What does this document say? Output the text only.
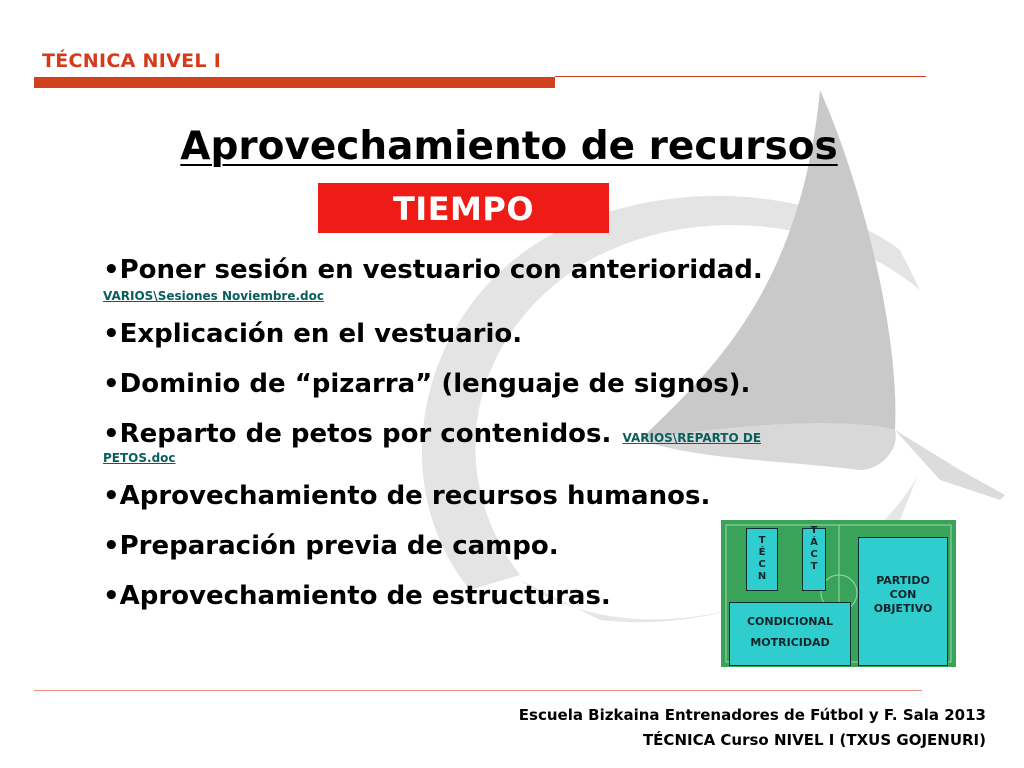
TÉCNICA NIVEL I
Aprovechamiento de recursos
TIEMPO
•Poner sesión en vestuario con anterioridad.
VARIOS\Sesiones Noviembre.doc
•Explicación en el vestuario.
•Dominio de “pizarra” (lenguaje de signos).
•Reparto de petos por contenidos. VARIOS\REPARTO DE
PETOS.doc
•Aprovechamiento de recursos humanos.
•Preparación previa de campo.
•Aprovechamiento de estructuras.
T
É
C
N
T
Á
C
T
PARTIDO
CON
OBJETIVO
CONDICIONAL
MOTRICIDAD
Escuela Bizkaina Entrenadores de Fútbol y F. Sala 2013
TÉCNICA Curso NIVEL I (TXUS GOJENURI)
